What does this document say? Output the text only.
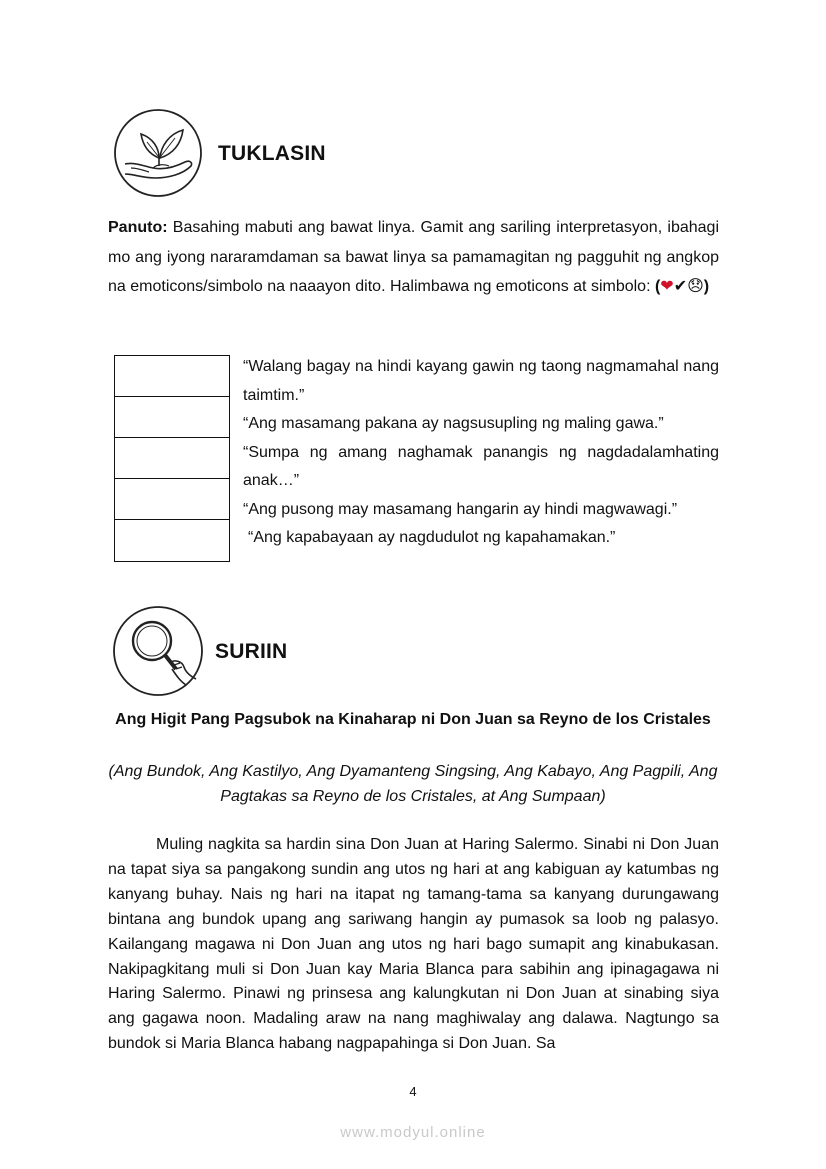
TUKLASIN
Panuto: Basahing mabuti ang bawat linya. Gamit ang sariling interpretasyon, ibahagi mo ang iyong nararamdaman sa bawat linya sa pamamagitan ng pagguhit ng angkop na emoticons/simbolo na naaayon dito. Halimbawa ng emoticons at simbolo: (❤✔😞)

“Walang bagay na hindi kayang gawin ng taong nagmamahal nang taimtim.”

“Ang masamang pakana ay nagsusupling ng maling gawa.”

“Sumpa ng amang naghamak panangis ng nagdadalamhating anak…”

“Ang pusong may masamang hangarin ay hindi magwawagi.”

“Ang kapabayaan ay nagdudulot ng kapahamakan.”

SURIIN
Ang Higit Pang Pagsubok na Kinaharap ni Don Juan sa Reyno de los Cristales
(Ang Bundok, Ang Kastilyo, Ang Dyamanteng Singsing, Ang Kabayo, Ang Pagpili, Ang Pagtakas sa Reyno de los Cristales, at Ang Sumpaan)

Muling nagkita sa hardin sina Don Juan at Haring Salermo. Sinabi ni Don Juan na tapat siya sa pangakong sundin ang utos ng hari at ang kabiguan ay katumbas ng kanyang buhay. Nais ng hari na itapat ng tamang-tama sa kanyang durungawang bintana ang bundok upang ang sariwang hangin ay pumasok sa loob ng palasyo. Kailangang magawa ni Don Juan ang utos ng hari bago sumapit ang kinabukasan. Nakipagkitang muli si Don Juan kay Maria Blanca para sabihin ang ipinagagawa ni Haring Salermo. Pinawi ng prinsesa ang kalungkutan ni Don Juan at sinabing siya ang gagawa noon. Madaling araw na nang maghiwalay ang dalawa. Nagtungo sa bundok si Maria Blanca habang nagpapahinga si Don Juan. Sa

4
www.modyul.online
